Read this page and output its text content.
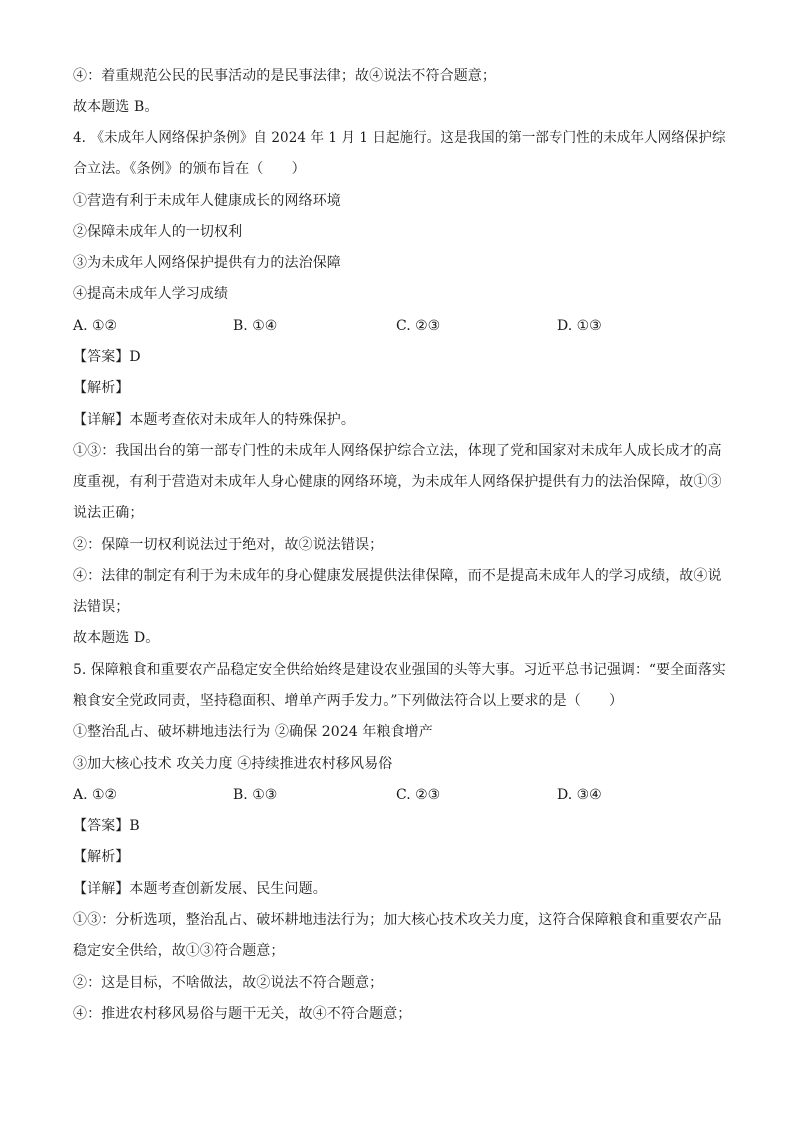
④：着重规范公民的民事活动的是民事法律；故④说法不符合题意；
故本题选 B。
4. 《未成年人网络保护条例》自 2024 年 1 月 1 日起施行。这是我国的第一部专门性的未成年人网络保护综
合立法。《条例》的颁布旨在（　　）
①营造有利于未成年人健康成长的网络环境
②保障未成年人的一切权利
③为未成年人网络保护提供有力的法治保障
④提高未成年人学习成绩
A. ①②	B. ①④	C. ②③	D. ①③
【答案】D
【解析】
【详解】本题考查依对未成年人的特殊保护。
①③：我国出台的第一部专门性的未成年人网络保护综合立法，体现了党和国家对未成年人成长成才的高
度重视，有利于营造对未成年人身心健康的网络环境，为未成年人网络保护提供有力的法治保障，故①③
说法正确；
②：保障一切权利说法过于绝对，故②说法错误；
④：法律的制定有利于为未成年的身心健康发展提供法律保障，而不是提高未成年人的学习成绩，故④说
法错误；
故本题选 D。
5. 保障粮食和重要农产品稳定安全供给始终是建设农业强国的头等大事。习近平总书记强调：“要全面落实
粮食安全党政同责，坚持稳面积、增单产两手发力。”下列做法符合以上要求的是（　　）
①整治乱占、破坏耕地违法行为 ②确保 2024 年粮食增产
③加大核心技术 攻关力度 ④持续推进农村移风易俗
A. ①②	B. ①③	C. ②③	D. ③④
【答案】B
【解析】
【详解】本题考查创新发展、民生问题。
①③：分析选项，整治乱占、破坏耕地违法行为；加大核心技术攻关力度，这符合保障粮食和重要农产品
稳定安全供给，故①③符合题意；
②：这是目标，不啥做法，故②说法不符合题意；
④：推进农村移风易俗与题干无关，故④不符合题意；
